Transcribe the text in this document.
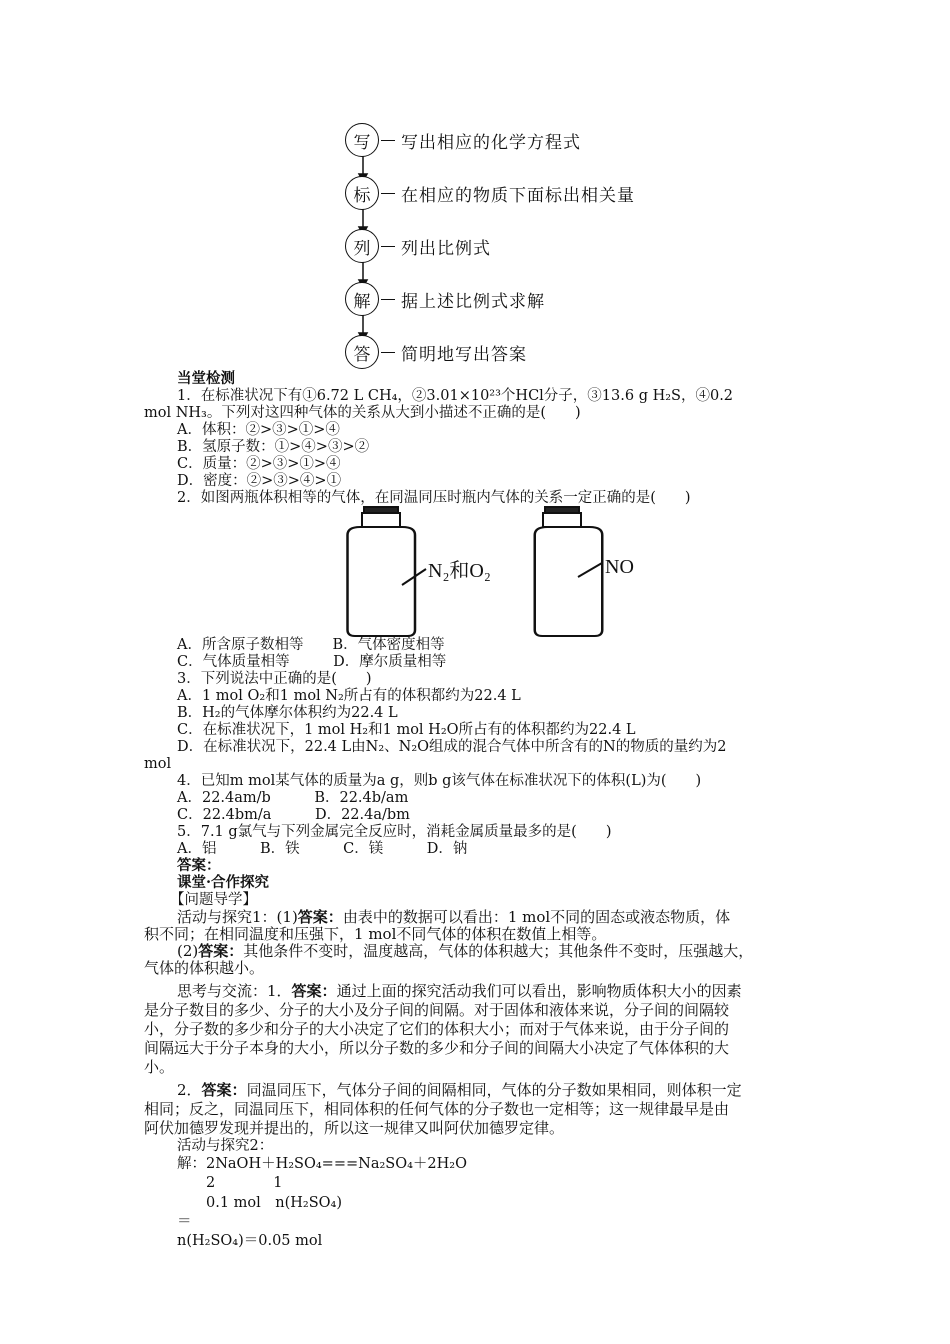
写	写出相应的化学方程式
标	在相应的物质下面标出相关量
列	列出比例式
解	据上述比例式求解
答	简明地写出答案
当堂检测
1．在标准状况下有①6.72 L CH₄，②3.01×10²³个HCl分子，③13.6 g H₂S，④0.2
mol NH₃。下列对这四种气体的关系从大到小描述不正确的是(　　)
A．体积：②>③>①>④
B．氢原子数：①>④>③>②
C．质量：②>③>①>④
D．密度：②>③>④>①
2．如图两瓶体积相等的气体，在同温同压时瓶内气体的关系一定正确的是(　　)
N₂和O₂	NO
A．所含原子数相等　　B．气体密度相等
C．气体质量相等　　　D．摩尔质量相等
3．下列说法中正确的是(　　)
A．1 mol O₂和1 mol N₂所占有的体积都约为22.4 L
B．H₂的气体摩尔体积约为22.4 L
C．在标准状况下，1 mol H₂和1 mol H₂O所占有的体积都约为22.4 L
D．在标准状况下，22.4 L由N₂、N₂O组成的混合气体中所含有的N的物质的量约为2
mol
4．已知m mol某气体的质量为a g，则b g该气体在标准状况下的体积(L)为(　　)
A．22.4am/b　　　B．22.4b/am
C．22.4bm/a　　　D．22.4a/bm
5．7.1 g氯气与下列金属完全反应时，消耗金属质量最多的是(　　)
A．铝　　　B．铁　　　C．镁　　　D．钠
答案：
课堂·合作探究
【问题导学】
活动与探究1：(1)答案：由表中的数据可以看出：1 mol不同的固态或液态物质，体
积不同；在相同温度和压强下，1 mol不同气体的体积在数值上相等。
(2)答案：其他条件不变时，温度越高，气体的体积越大；其他条件不变时，压强越大，
气体的体积越小。
思考与交流：1．答案：通过上面的探究活动我们可以看出，影响物质体积大小的因素
是分子数目的多少、分子的大小及分子间的间隔。对于固体和液体来说，分子间的间隔较
小，分子数的多少和分子的大小决定了它们的体积大小；而对于气体来说，由于分子间的
间隔远大于分子本身的大小，所以分子数的多少和分子间的间隔大小决定了气体体积的大
小。
2．答案：同温同压下，气体分子间的间隔相同，气体的分子数如果相同，则体积一定
相同；反之，同温同压下，相同体积的任何气体的分子数也一定相等；这一规律最早是由
阿伏加德罗发现并提出的，所以这一规律又叫阿伏加德罗定律。
活动与探究2：
解：2NaOH＋H₂SO₄===Na₂SO₄＋2H₂O
　　2　　　　1
　　0.1 mol　n(H₂SO₄)
＝
n(H₂SO₄)＝0.05 mol
